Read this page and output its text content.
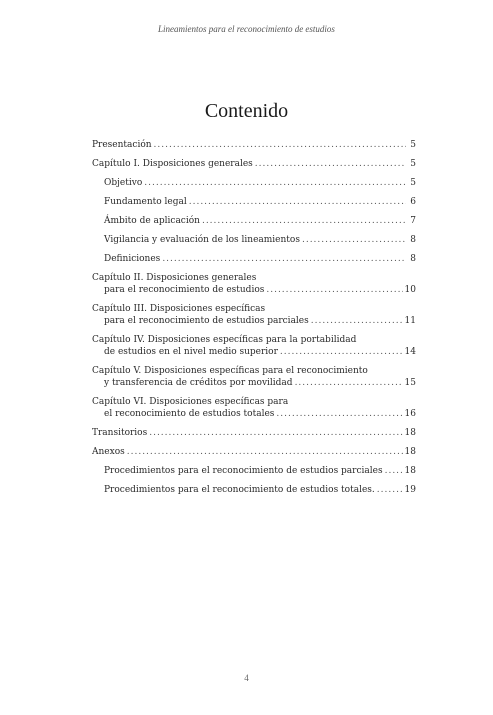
Lineamientos para el reconocimiento de estudios
Contenido
Presentación .....	5
Capítulo I. Disposiciones generales .....	5
Objetivo .....	5
Fundamento legal .....	6
Ámbito de aplicación .....	7
Vigilancia y evaluación de los lineamientos .....	8
Definiciones .....	8
Capítulo II. Disposiciones generales
para el reconocimiento de estudios .....	10
Capítulo III. Disposiciones específicas
para el reconocimiento de estudios parciales .....	11
Capítulo IV. Disposiciones específicas para la portabilidad
de estudios en el nivel medio superior .....	14
Capítulo V. Disposiciones específicas para el reconocimiento
y transferencia de créditos por movilidad .....	15
Capítulo VI. Disposiciones específicas para
el reconocimiento de estudios totales .....	16
Transitorios .....	18
Anexos .....	18
Procedimientos para el reconocimiento de estudios parciales ..... 18
Procedimientos para el reconocimiento de estudios totales. .....	19
4
